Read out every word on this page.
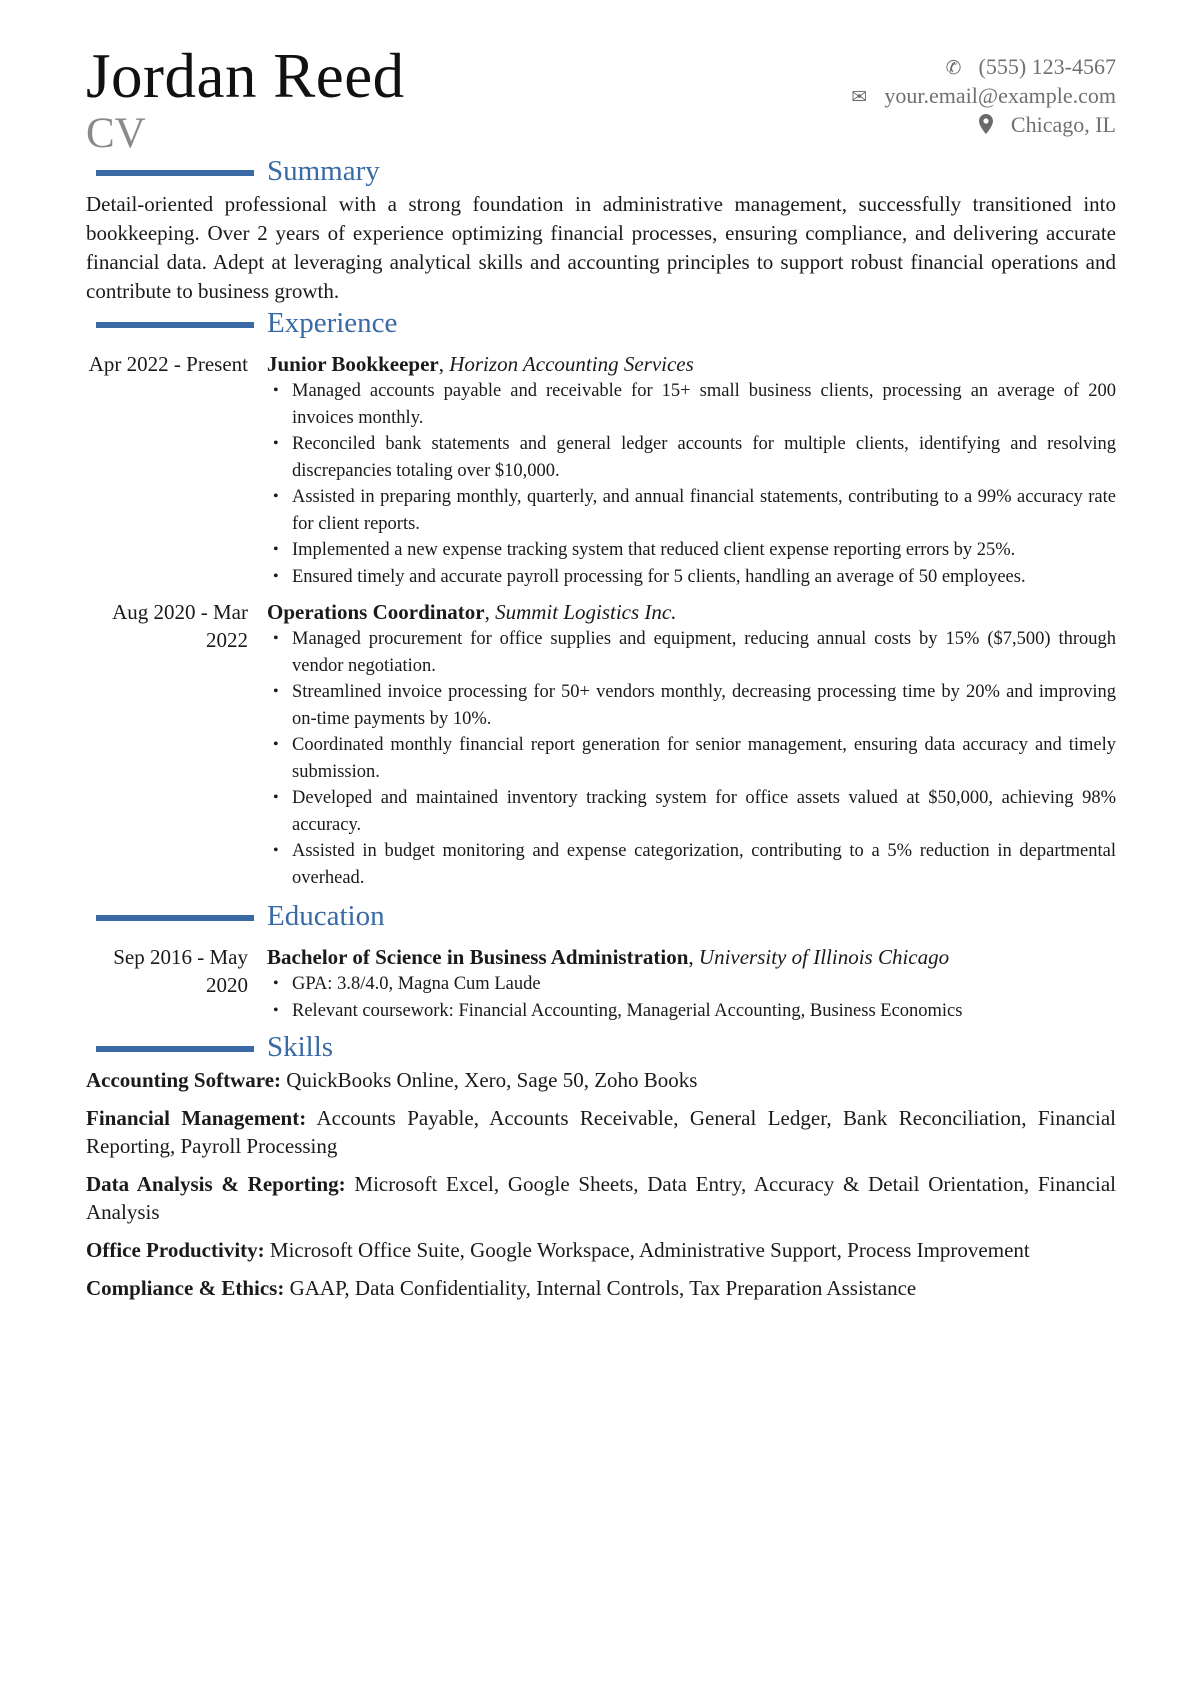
Jordan Reed
CV
✆ (555) 123-4567
✉ your.email@example.com
Chicago, IL
Summary

Detail-oriented professional with a strong foundation in administrative management, successfully transitioned into bookkeeping. Over 2 years of experience optimizing financial processes, ensuring compliance, and delivering accurate financial data. Adept at leveraging analytical skills and accounting principles to support robust financial operations and contribute to business growth.

Experience
Apr 2022 - Present Junior Bookkeeper, Horizon Accounting Services
• Managed accounts payable and receivable for 15+ small business clients, processing an average of 200 invoices monthly.
• Reconciled bank statements and general ledger accounts for multiple clients, identifying and resolving discrepancies totaling over $10,000.
• Assisted in preparing monthly, quarterly, and annual financial statements, contributing to a 99% accuracy rate for client reports.
• Implemented a new expense tracking system that reduced client expense reporting errors by 25%.
• Ensured timely and accurate payroll processing for 5 clients, handling an average of 50 employees.
Aug 2020 - Mar 2022
Operations Coordinator, Summit Logistics Inc.
• Managed procurement for office supplies and equipment, reducing annual costs by 15% ($7,500) through vendor negotiation.
• Streamlined invoice processing for 50+ vendors monthly, decreasing processing time by 20% and improving on-time payments by 10%.
• Coordinated monthly financial report generation for senior management, ensuring data accuracy and timely submission.
• Developed and maintained inventory tracking system for office assets valued at $50,000, achieving 98% accuracy.
• Assisted in budget monitoring and expense categorization, contributing to a 5% reduction in departmental overhead.
Education
Sep 2016 - May 2020
Bachelor of Science in Business Administration, University of Illinois Chicago
• GPA: 3.8/4.0, Magna Cum Laude
• Relevant coursework: Financial Accounting, Managerial Accounting, Business Economics
Skills

Accounting Software: QuickBooks Online, Xero, Sage 50, Zoho Books

Financial Management: Accounts Payable, Accounts Receivable, General Ledger, Bank Reconciliation, Financial Reporting, Payroll Processing

Data Analysis & Reporting: Microsoft Excel, Google Sheets, Data Entry, Accuracy & Detail Orientation, Financial Analysis

Office Productivity: Microsoft Office Suite, Google Workspace, Administrative Support, Process Improvement

Compliance & Ethics: GAAP, Data Confidentiality, Internal Controls, Tax Preparation Assistance
